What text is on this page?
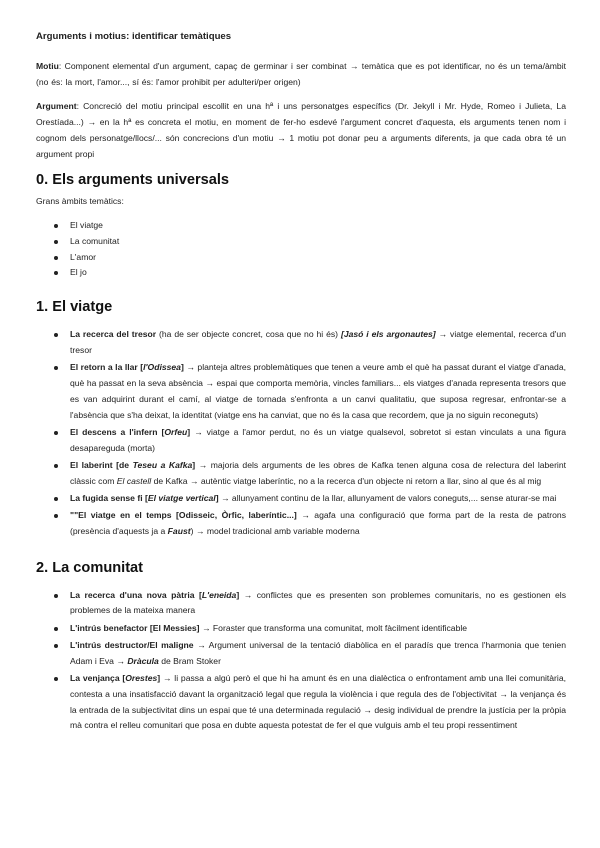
Arguments i motius: identificar temàtiques

Motiu: Component elemental d'un argument, capaç de germinar i ser combinat → temàtica que es pot identificar, no és un tema/àmbit (no és: la mort, l'amor..., sí és: l'amor prohibit per adulteri/per origen)

Argument: Concreció del motiu principal escollit en una hª i uns personatges específics (Dr. Jekyll i Mr. Hyde, Romeo i Julieta, La Orestíada...) → en la hª es concreta el motiu, en moment de fer-ho esdevé l'argument concret d'aquesta, els arguments tenen nom i cognom dels personatge/llocs/... són concrecions d'un motiu → 1 motiu pot donar peu a arguments diferents, ja que cada obra té un argument propi

0. Els arguments universals
Grans àmbits temàtics:
El viatge
La comunitat
L'amor
El jo
1. El viatge
La recerca del tresor (ha de ser objecte concret, cosa que no hi és) [Jasó i els argonautes] → viatge elemental, recerca d'un tresor
El retorn a la llar [l'Odissea] → planteja altres problemàtiques que tenen a veure amb el què ha passat durant el viatge d'anada, què ha passat en la seva absència → espai que comporta memòria, vincles familiars... els viatges d'anada representa tresors que es van adquirint durant el camí, al viatge de tornada s'enfronta a un canvi qualitatiu, que suposa regresar, enfrontar-se a l'absència que s'ha deixat, la identitat (viatge ens ha canviat, que no és la casa que recordem, que ja no siguin reconeguts)
El descens a l'infern [Orfeu] → viatge a l'amor perdut, no és un viatge qualsevol, sobretot si estan vinculats a una figura desapareguda (morta)
El laberint [de Teseu a Kafka] → majoria dels arguments de les obres de Kafka tenen alguna cosa de relectura del laberint clàssic com El castell de Kafka → autèntic viatge laberíntic, no a la recerca d'un objecte ni retorn a llar, sino al que és al mig
La fugida sense fi [El viatge vertical] → allunyament continu de la llar, allunyament de valors coneguts,... sense aturar-se mai
""El viatge en el temps [Odisseic, Òrfic, laberíntic...] → agafa una configuració que forma part de la resta de patrons (presència d'aquests ja a Faust) → model tradicional amb variable moderna
2. La comunitat
La recerca d'una nova pàtria [L'eneida] → conflictes que es presenten son problemes comunitaris, no es gestionen els problemes de la mateixa manera
L'intrús benefactor [El Messies] → Foraster que transforma una comunitat, molt fàcilment identificable
L'intrús destructor/El maligne → Argument universal de la tentació diabòlica en el paradís que trenca l'harmonia que tenien Adam i Eva → Dràcula de Bram Stoker
La venjança [Orestes] → li passa a algú però el que hi ha amunt és en una dialèctica o enfrontament amb una llei comunitària, contesta a una insatisfacció davant la organització legal que regula la violència i que regula des de l'objectivitat → la venjança és la entrada de la subjectivitat dins un espai que té una determinada regulació → desig individual de prendre la justícia per la pròpia mà contra el relleu comunitari que posa en dubte aquesta potestat de fer el que vulguis amb el teu propi ressentiment
